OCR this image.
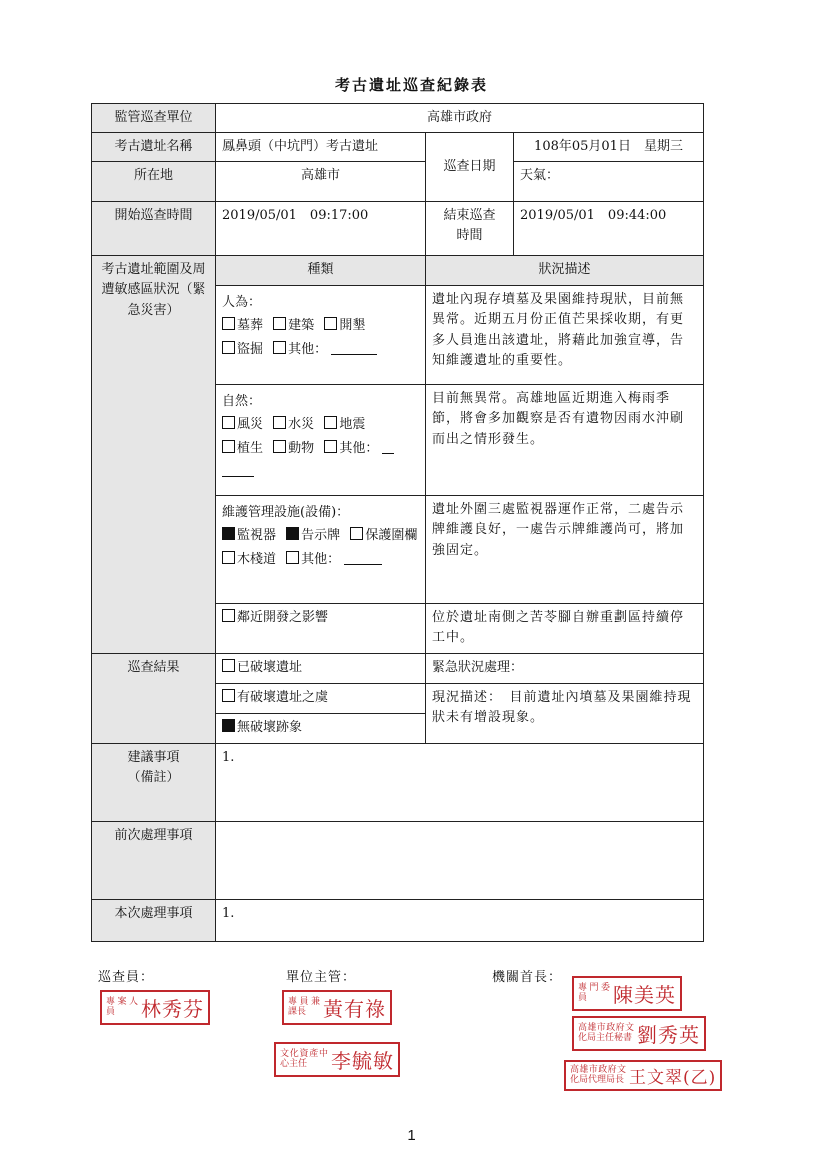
考古遺址巡查紀錄表
監管巡查單位	高雄市政府		
考古遺址名稱	鳳鼻頭（中坑門）考古遺址	巡查日期	108年05月01日　星期三
所在地	高雄市		天氣：
開始巡查時間	2019/05/01　09:17:00	結束巡查時間	2019/05/01　09:44:00
考古遺址範圍及周遭敏感區狀況（緊急災害）	種類	狀況描述	

	人為：
墓葬 建築 開墾
盜掘 其他：	遺址內現存墳墓及果園維持現狀，目前無異常。近期五月份正值芒果採收期，有更多人員進出該遺址，將藉此加強宣導，告知維護遺址的重要性。	

	自然：
風災 水災 地震
植生 動物 其他：	目前無異常。高雄地區近期進入梅雨季節，將會多加觀察是否有遺物因雨水沖刷而出之情形發生。	

	維護管理設施(設備)：
監視器 告示牌 保護圍欄
木棧道 其他：	遺址外圍三處監視器運作正常，二處告示牌維護良好，一處告示牌維護尚可，將加強固定。	
	鄰近開發之影響	位於遺址南側之苦苓腳自辦重劃區持續停工中。	
巡查結果	已破壞遺址	緊急狀況處理：	
	有破壞遺址之虞	現況描述：　目前遺址內墳墓及果園維持現狀未有增設現象。	
	無破壞跡象		

建議事項
（備註）	1.		
前次處理事項			
本次處理事項	1.		
巡查員：	單位主管：	機關首長：
專案人員	林秀芬	專員兼課長 黃有祿
文化資產中心主任	李毓敏
專門委員	陳美英
高雄市政府文化局主任秘書 劉秀英
高雄市政府文化局代理局長 王文翠(乙)
1
